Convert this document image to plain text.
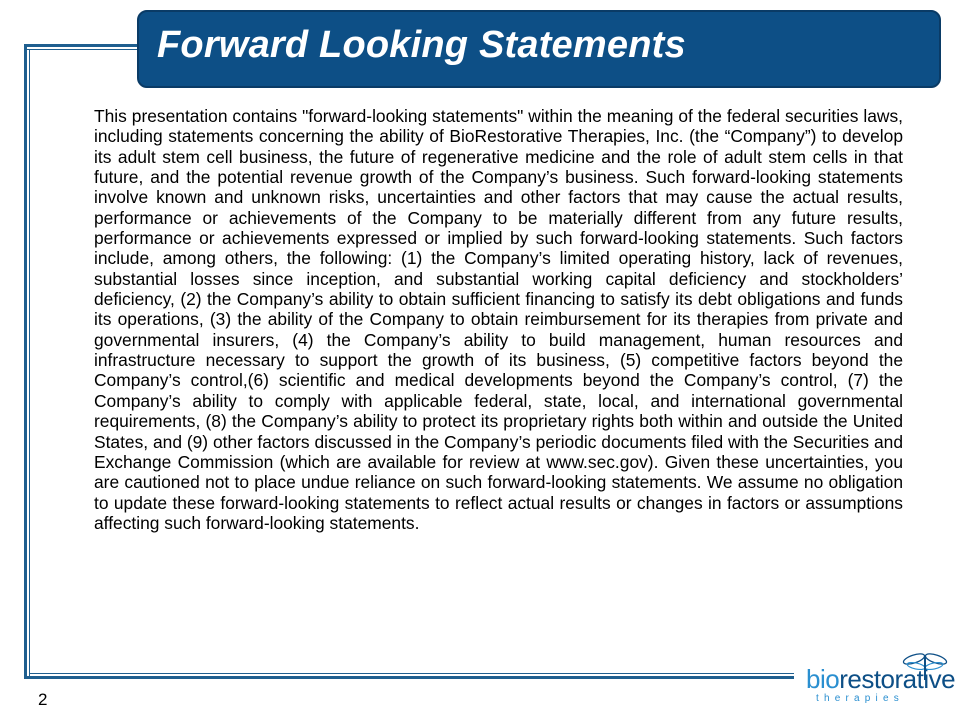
Forward Looking Statements
This presentation contains "forward-looking statements" within the meaning of the federal securities laws, including statements concerning the ability of BioRestorative Therapies, Inc. (the “Company”) to develop its adult stem cell business, the future of regenerative medicine and the role of adult stem cells in that future, and the potential revenue growth of the Company’s business. Such forward-looking statements involve known and unknown risks, uncertainties and other factors that may cause the actual results, performance or achievements of the Company to be materially different from any future results, performance or achievements expressed or implied by such forward-looking statements. Such factors include, among others, the following: (1) the Company’s limited operating history, lack of revenues, substantial losses since inception, and substantial working capital deficiency and stockholders’ deficiency, (2) the Company’s ability to obtain sufficient financing to satisfy its debt obligations and funds its operations, (3) the ability of the Company to obtain reimbursement for its therapies from private and governmental insurers, (4) the Company’s ability to build management, human resources and infrastructure necessary to support the growth of its business, (5) competitive factors beyond the Company’s control,(6) scientific and medical developments beyond the Company’s control, (7) the Company’s ability to comply with applicable federal, state, local, and international governmental requirements, (8) the Company’s ability to protect its proprietary rights both within and outside the United States, and (9) other factors discussed in the Company’s periodic documents filed with the Securities and Exchange Commission (which are available for review at www.sec.gov). Given these uncertainties, you are cautioned not to place undue reliance on such forward-looking statements. We assume no obligation to update these forward-looking statements to reflect actual results or changes in factors or assumptions affecting such forward-looking statements.
2
biorestorative
therapies
